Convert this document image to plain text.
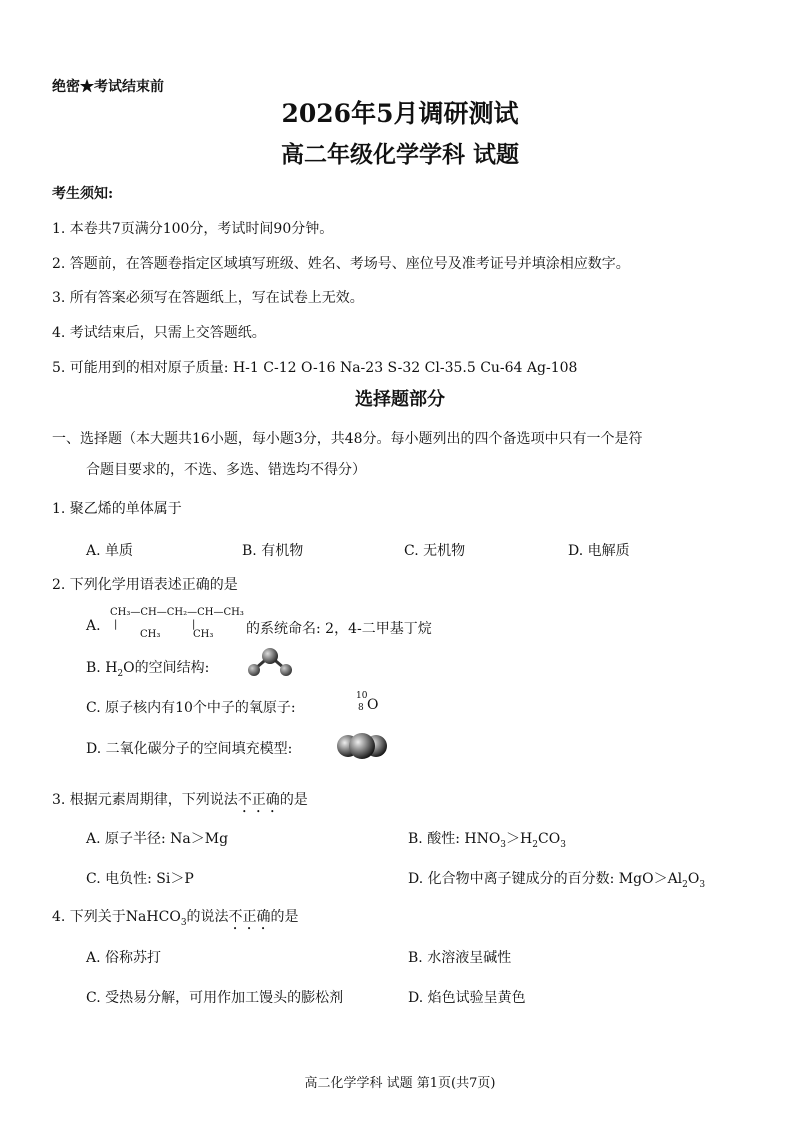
绝密★考试结束前
2026年5月调研测试
高二年级化学学科 试题
考生须知:
1. 本卷共7页满分100分，考试时间90分钟。
2. 答题前，在答题卷指定区域填写班级、姓名、考场号、座位号及准考证号并填涂相应数字。
3. 所有答案必须写在答题纸上，写在试卷上无效。
4. 考试结束后，只需上交答题纸。
5. 可能用到的相对原子质量: H-1 C-12 O-16 Na-23 S-32 Cl-35.5 Cu-64 Ag-108
选择题部分
一、选择题（本大题共16小题，每小题3分，共48分。每小题列出的四个备选项中只有一个是符
合题目要求的，不选、多选、错选均不得分）
1. 聚乙烯的单体属于
A. 单质	B. 有机物	C. 无机物	D. 电解质
2. 下列化学用语表述正确的是
A.
CH₃—CH—CH₂—CH—CH₃
|	|
CH₃	CH₃ 的系统命名: 2，4-二甲基丁烷
B. $H_2O$的空间结构:
C. 原子核内有10个中子的氧原子:
10
8 O
D. 二氧化碳分子的空间填充模型:
3. 根据元素周期律，下列说法不正确的是
A. 原子半径: Na＞Mg	B. 酸性: $HNO_3>H_2CO_3$
C. 电负性: Si＞P	D. 化合物中离子键成分的百分数: $MgO>Al_2O_3$
4. 下列关于NaHCO$_3$的说法不正确的是
A. 俗称苏打	B. 水溶液呈碱性
C. 受热易分解，可用作加工馒头的膨松剂	D. 焰色试验呈黄色
高二化学学科 试题 第1页(共7页)
